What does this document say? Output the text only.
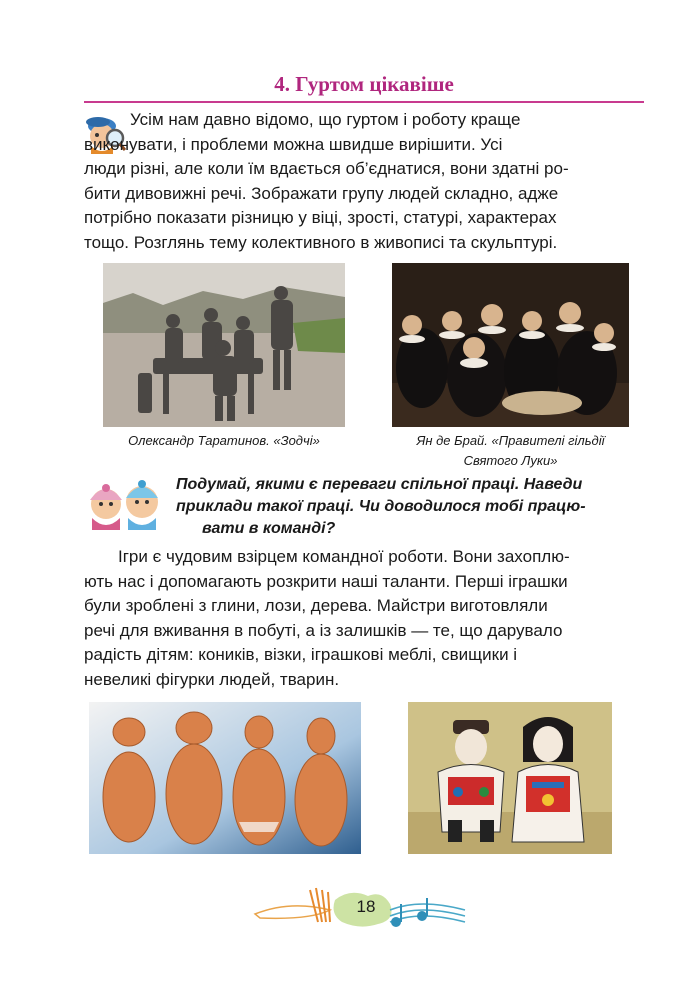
4. Гуртом цікавіше

Усім нам давно відомо, що гуртом і роботу краще

виконувати, і проблеми можна швидше вирішити. Усі

люди різні, але коли їм вдається об’єднатися, вони здатні ро-

бити дивовижні речі. Зображати групу людей складно, адже

потрібно показати різницю у віці, зрості, статурі, характерах

тощо. Розглянь тему колективного в живописі та скульптурі.

Олександр Таратинов. «Зодчі»	Ян де Брай. «Правителі гільдії
Святого Луки»
Подумай, якими є переваги спільної праці. Наведи
приклади такої праці. Чи доводилося тобі працю-
вати в команді?

Ігри є чудовим взірцем командної роботи. Вони захоплю-

ють нас і допомагають розкрити наші таланти. Перші іграшки

були зроблені з глини, лози, дерева. Майстри виготовляли

речі для вживання в побуті, а із залишків — те, що дарувало

радість дітям: коників, візки, іграшкові меблі, свищики і

невеликі фігурки людей, тварин.

18
